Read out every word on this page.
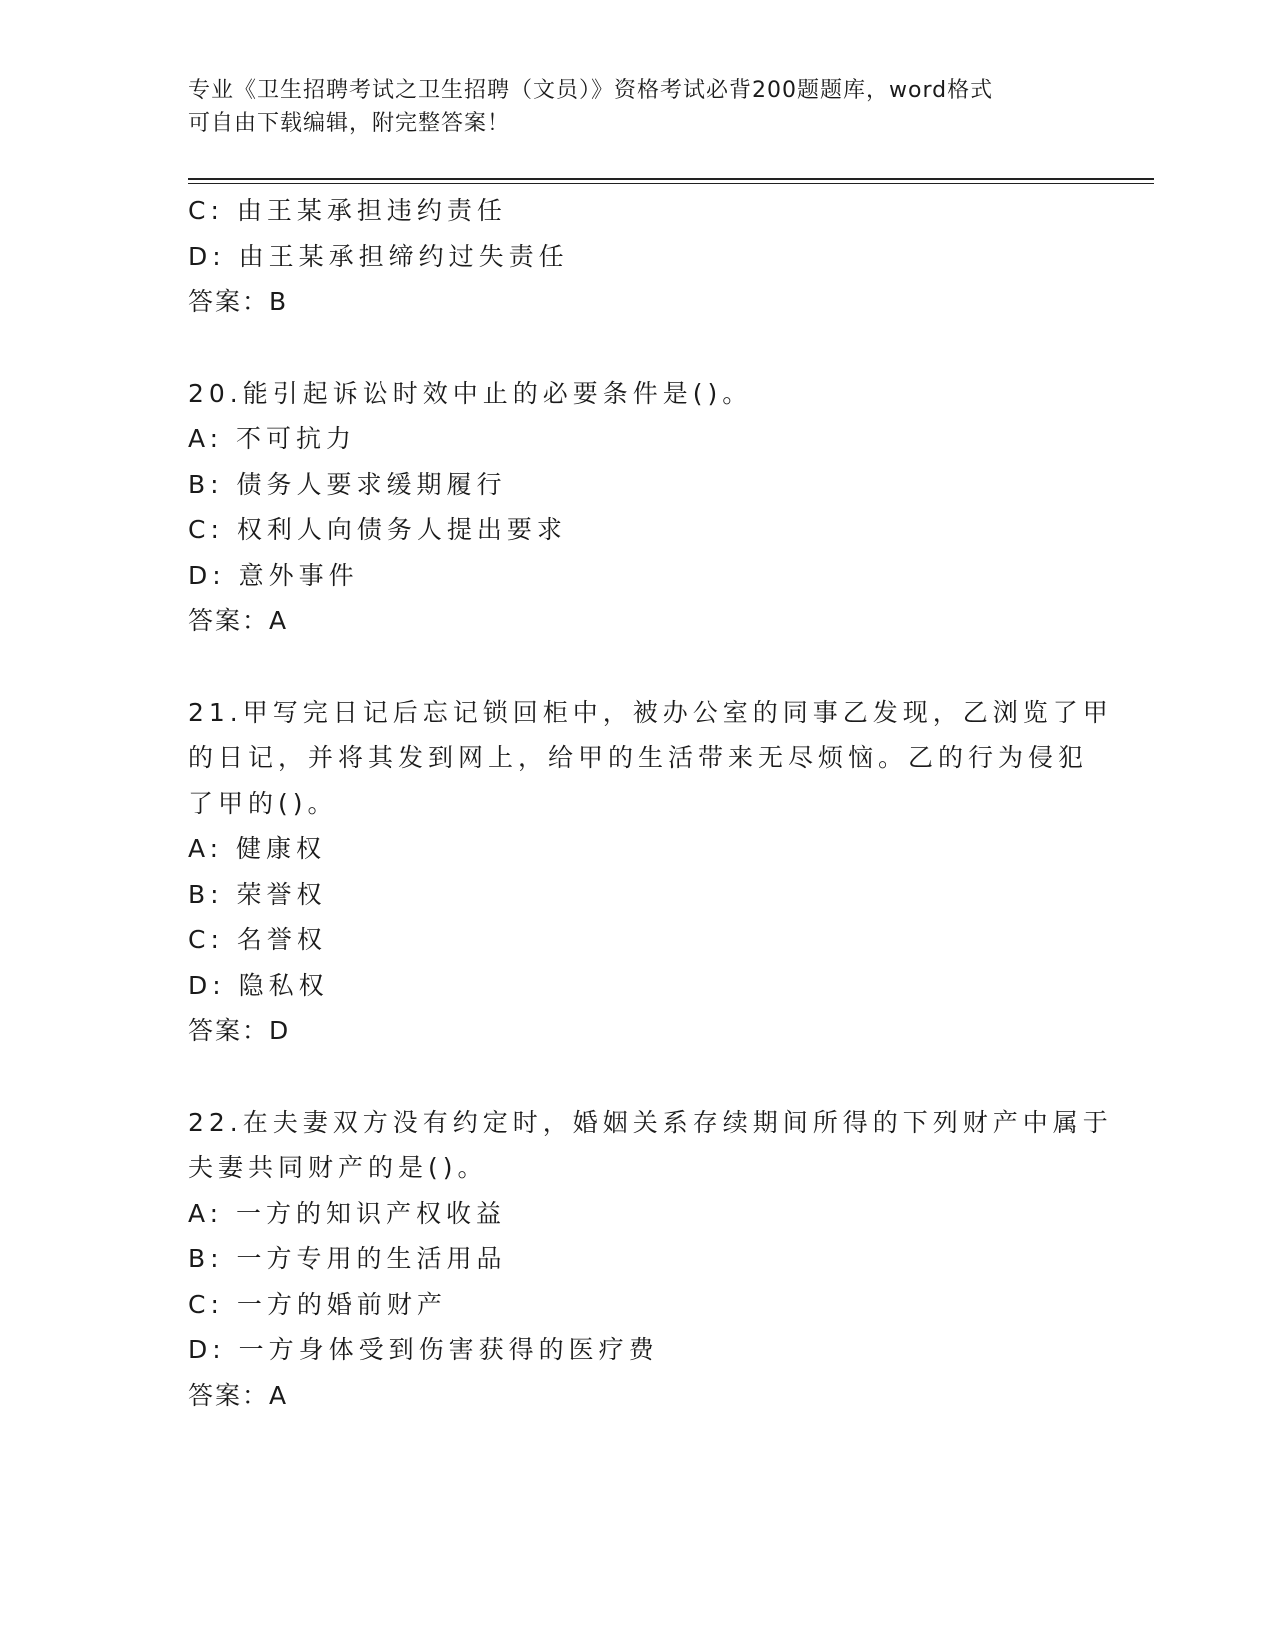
专业《卫生招聘考试之卫生招聘（文员）》资格考试必背200题题库，word格式
可自由下载编辑，附完整答案！
C: 由王某承担违约责任
D: 由王某承担缔约过失责任
答案：B
20.能引起诉讼时效中止的必要条件是()。
A: 不可抗力
B: 债务人要求缓期履行
C: 权利人向债务人提出要求
D: 意外事件
答案：A
21.甲写完日记后忘记锁回柜中，被办公室的同事乙发现，乙浏览了甲
的日记，并将其发到网上，给甲的生活带来无尽烦恼。乙的行为侵犯
了甲的()。
A: 健康权
B: 荣誉权
C: 名誉权
D: 隐私权
答案：D
22.在夫妻双方没有约定时，婚姻关系存续期间所得的下列财产中属于
夫妻共同财产的是()。
A: 一方的知识产权收益
B: 一方专用的生活用品
C: 一方的婚前财产
D: 一方身体受到伤害获得的医疗费
答案：A
